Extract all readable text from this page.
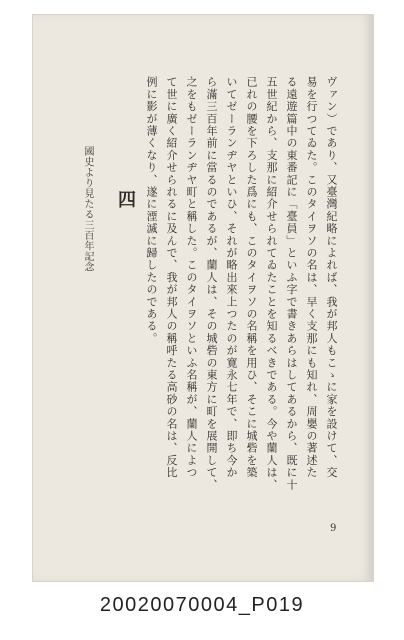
ヴァン）であり、又臺灣紀略によれば、我が邦人もこゝに家を設けて、交
易を行つてゐた。このタイヲソの名は、早く支那にも知れ、周嬰の著述た
る遠遊篇中の東番記に「臺員」といふ字で書きあらはしてあるから、既に十
五世紀から、支那に紹介せられてゐたことを知るべきである。今や蘭人は、
已れの腰を下ろした爲にも、このタイヲソの名稱を用ひ、そこに城砦を築
いてゼーランヂヤといひ、それが略出來上つたのが寛永七年で、即ち今か
ら滿三百年前に當るのであるが、蘭人は、その城砦の東方に町を展開して、
之をもゼーランヂヤ町と稱した。このタイヲソといふ名稱が、蘭人によつ
て世に廣く紹介せられるに及んで、我が邦人の稱呼たる高砂の名は、反比
例に影が薄くなり、遂に湮滅に歸したのである。
四
國史より見たる三百年記念
9
20020070004_P019
